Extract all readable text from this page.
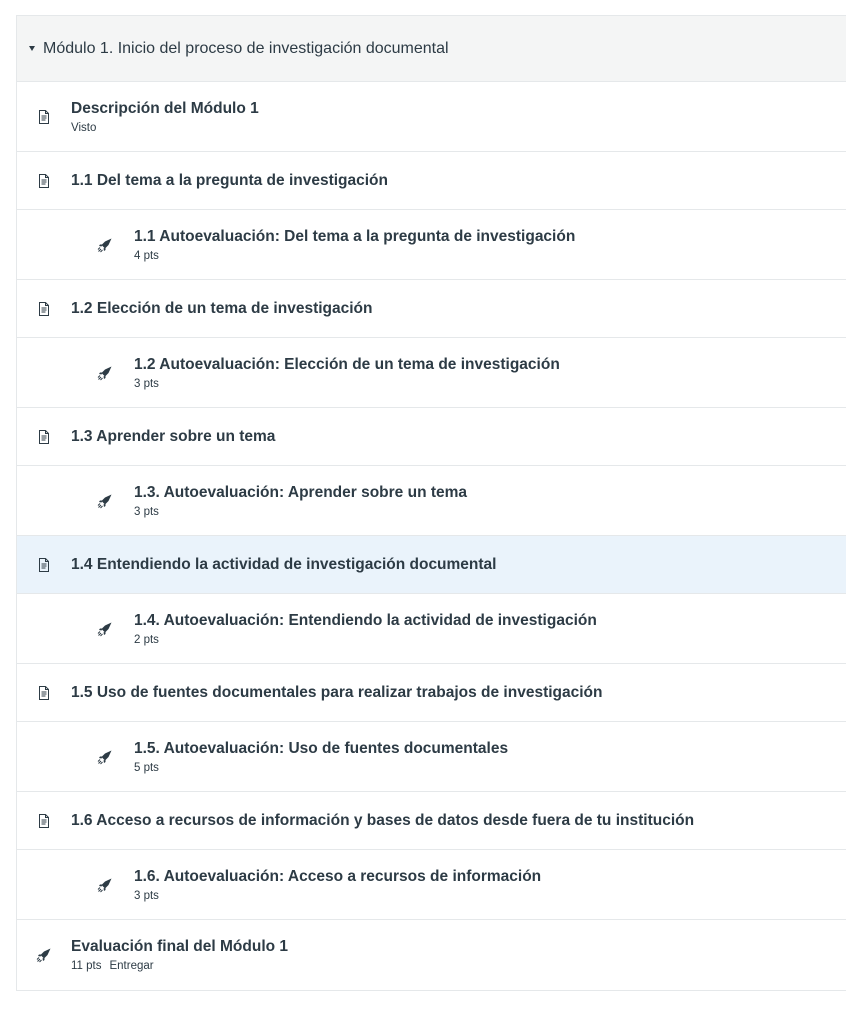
Módulo 1. Inicio del proceso de investigación documental
Descripción del Módulo 1
Visto
1.1 Del tema a la pregunta de investigación
1.1 Autoevaluación: Del tema a la pregunta de investigación
4 pts
1.2 Elección de un tema de investigación
1.2 Autoevaluación: Elección de un tema de investigación
3 pts
1.3 Aprender sobre un tema
1.3. Autoevaluación: Aprender sobre un tema
3 pts
1.4 Entendiendo la actividad de investigación documental
1.4. Autoevaluación: Entendiendo la actividad de investigación
2 pts
1.5 Uso de fuentes documentales para realizar trabajos de investigación
1.5. Autoevaluación: Uso de fuentes documentales
5 pts
1.6 Acceso a recursos de información y bases de datos desde fuera de tu institución
1.6. Autoevaluación: Acceso a recursos de información
3 pts
Evaluación final del Módulo 1
11 pts Entregar
